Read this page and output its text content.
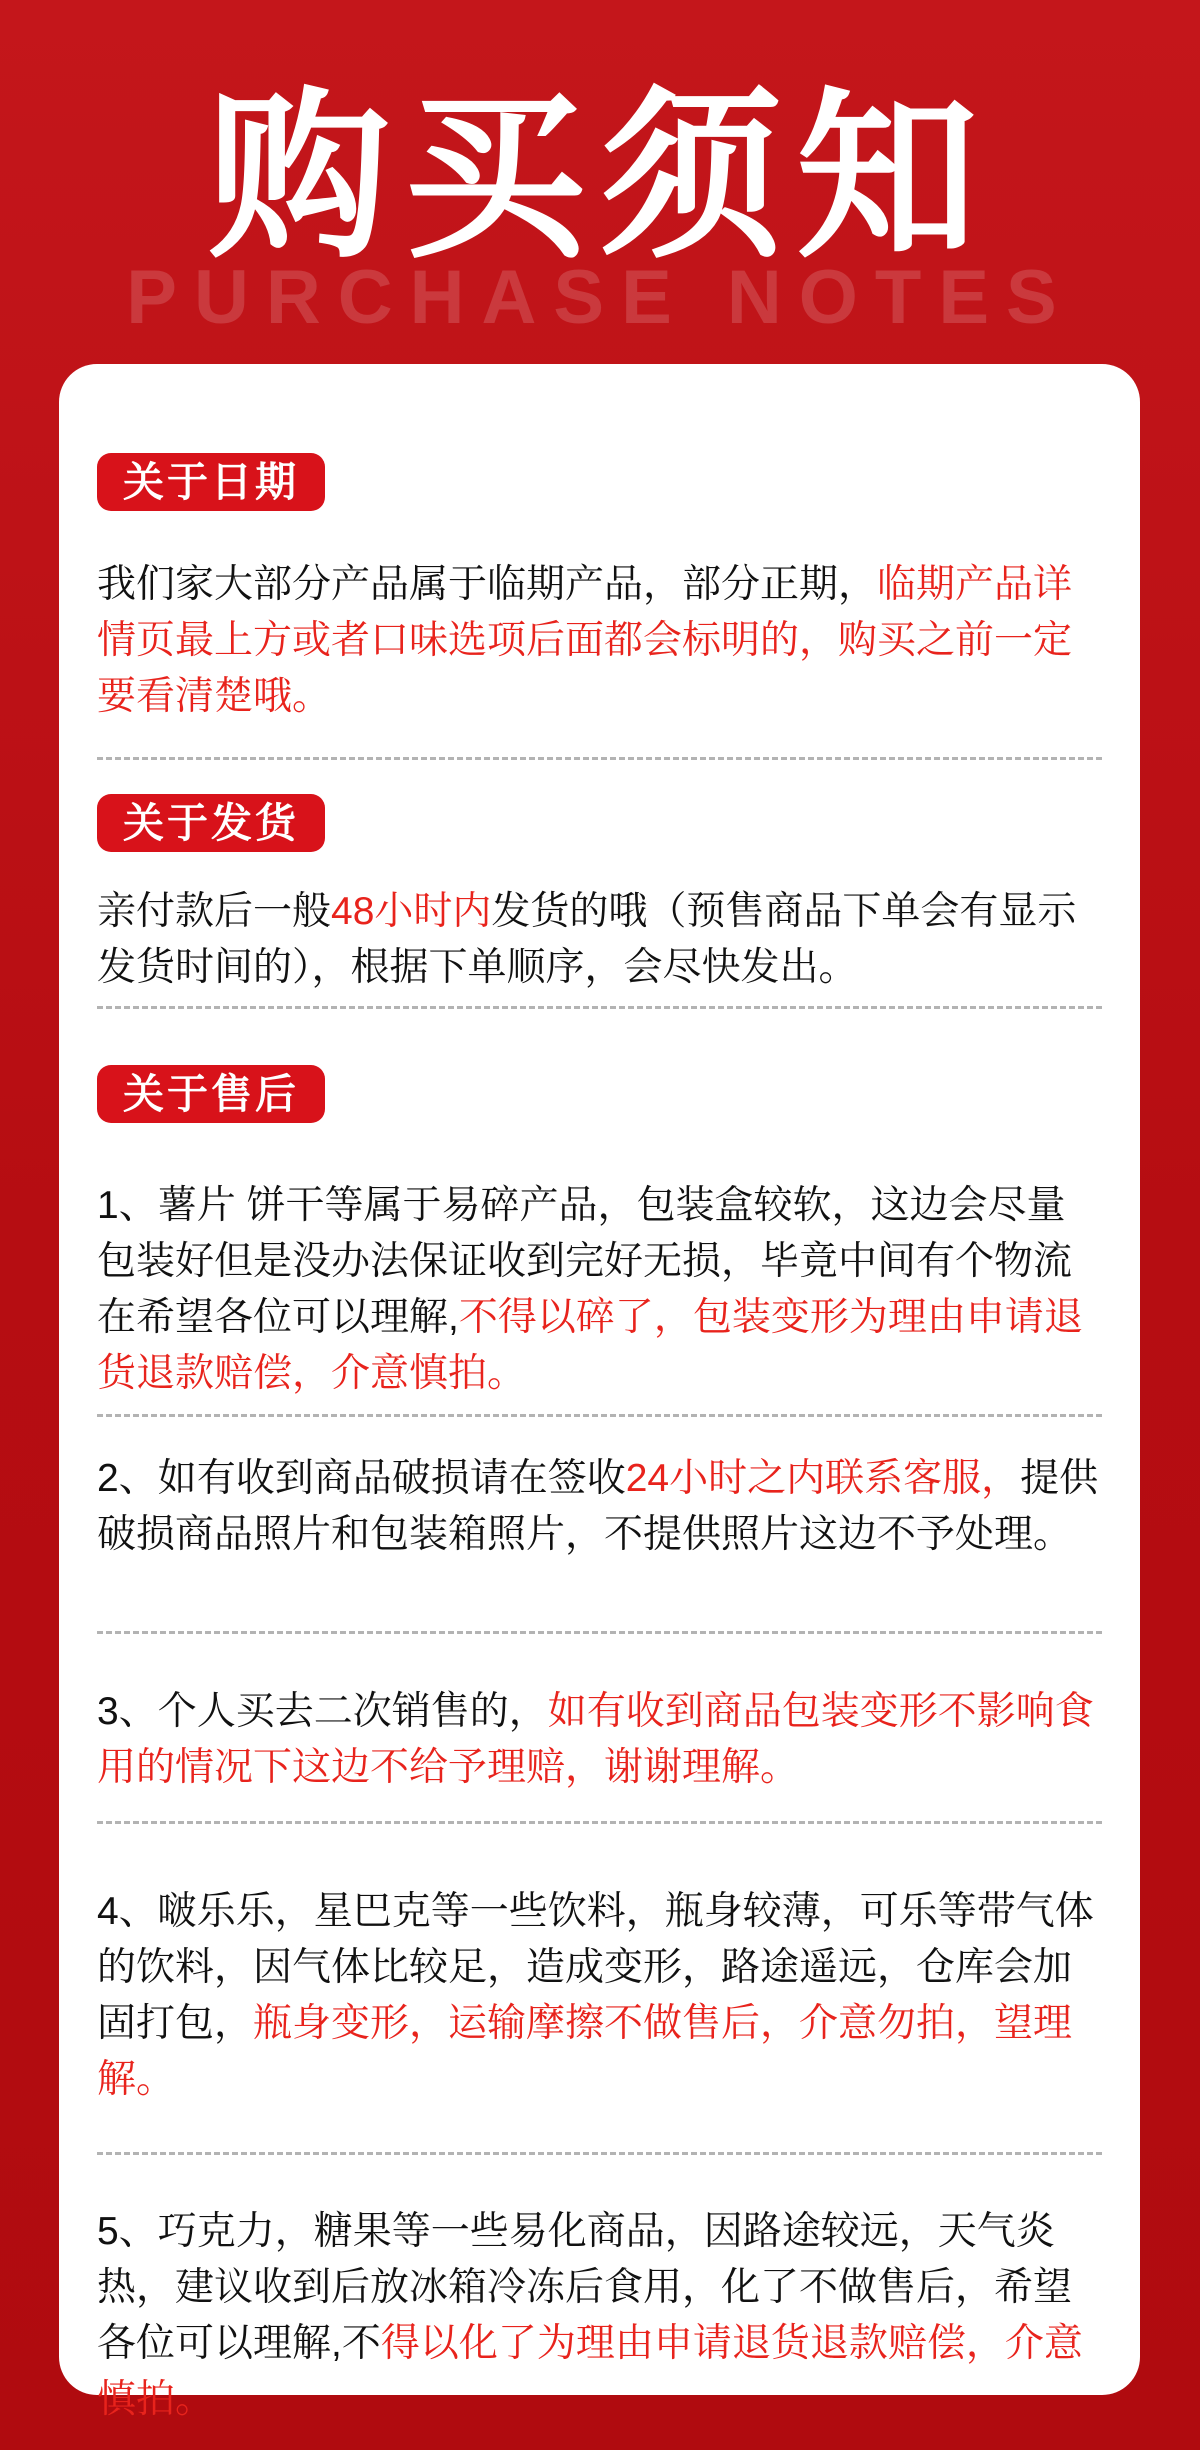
PURCHASE NOTES
购买须知
关于日期

我们家大部分产品属于临期产品，部分正期，临期产品详情页最上方或者口味选项后面都会标明的，购买之前一定要看清楚哦。

关于发货

亲付款后一般48小时内发货的哦（预售商品下单会有显示发货时间的），根据下单顺序，会尽快发出。

关于售后

1、薯片 饼干等属于易碎产品，包装盒较软，这边会尽量包装好但是没办法保证收到完好无损，毕竟中间有个物流在希望各位可以理解,不得以碎了，包装变形为理由申请退货退款赔偿，介意慎拍。

2、如有收到商品破损请在签收24小时之内联系客服，提供破损商品照片和包装箱照片，不提供照片这边不予处理。

3、个人买去二次销售的，如有收到商品包装变形不影响食用的情况下这边不给予理赔，谢谢理解。

4、啵乐乐，星巴克等一些饮料，瓶身较薄，可乐等带气体的饮料，因气体比较足，造成变形，路途遥远，仓库会加固打包，瓶身变形，运输摩擦不做售后，介意勿拍，望理解。

5、巧克力，糖果等一些易化商品，因路途较远，天气炎热，建议收到后放冰箱冷冻后食用，化了不做售后，希望各位可以理解,不得以化了为理由申请退货退款赔偿，介意慎拍。
